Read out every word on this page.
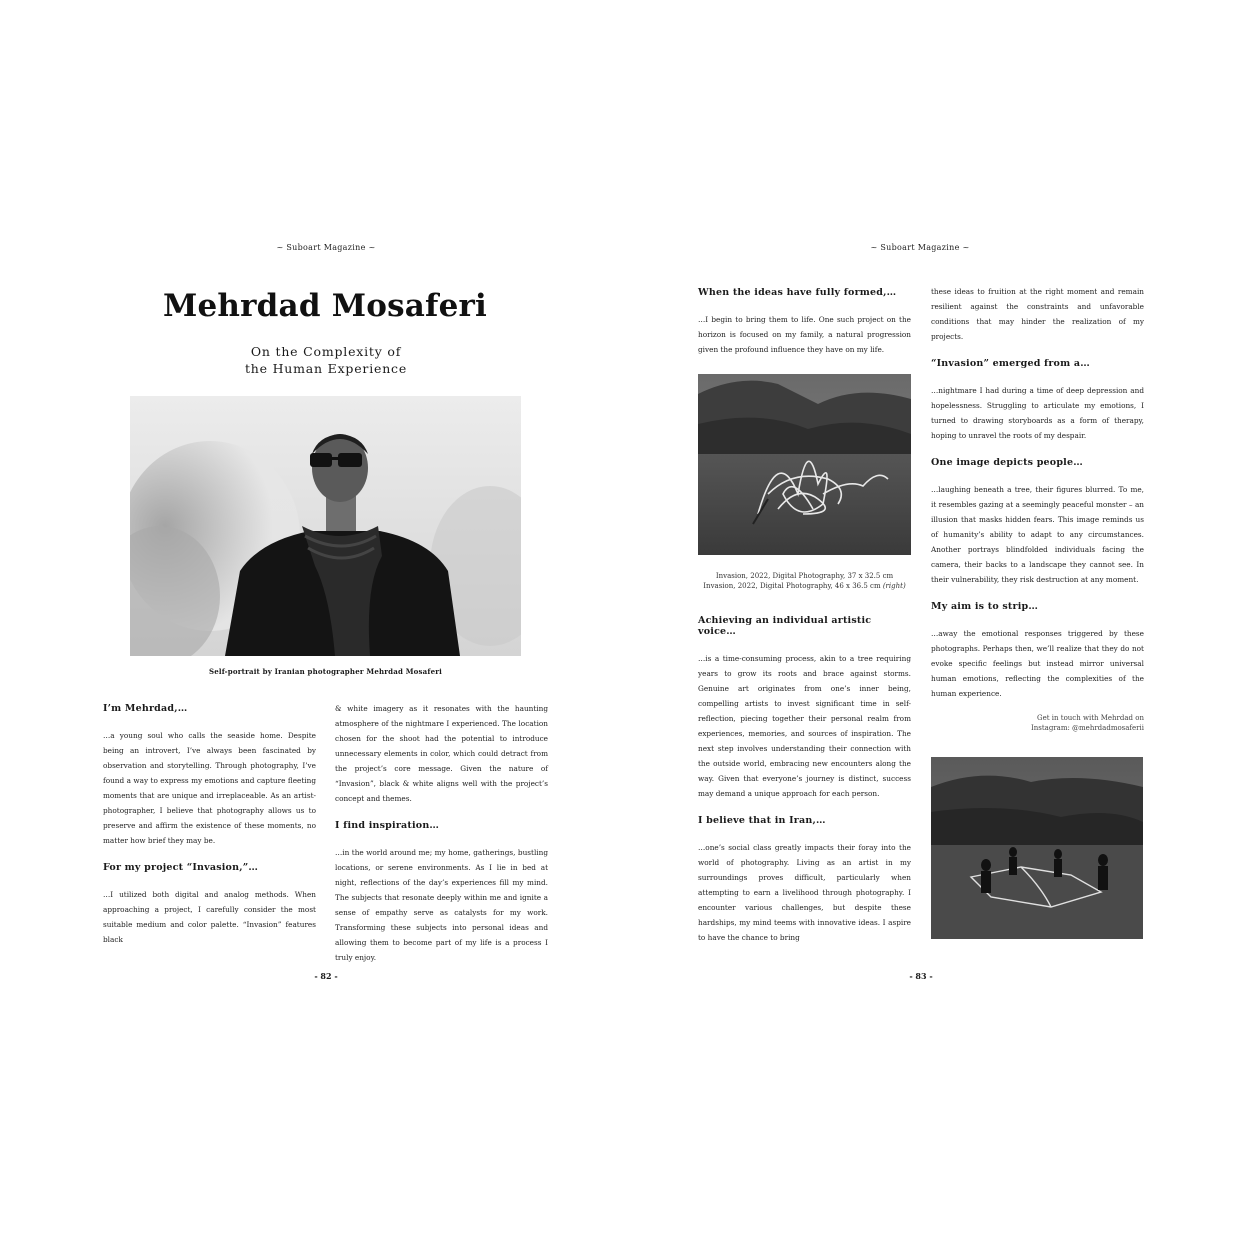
~ Suboart Magazine ~
Mehrdad Mosaferi
On the Complexity of
the Human Experience
Self-portrait by Iranian photographer Mehrdad Mosaferi
I’m Mehrdad,…
…a young soul who calls the seaside home. Despite being an introvert, I’ve always been fascinated by observation and storytelling. Through photography, I’ve found a way to express my emotions and capture fleeting moments that are unique and irreplaceable. As an artist-photographer, I believe that photography allows us to preserve and affirm the existence of these moments, no matter how brief they may be.
For my project “Invasion,”…
…I utilized both digital and analog methods. When approaching a project, I carefully consider the most suitable medium and color palette. “Invasion” features black
& white imagery as it resonates with the haunting atmosphere of the nightmare I experienced. The location chosen for the shoot had the potential to introduce unnecessary elements in color, which could detract from the project’s core message. Given the nature of “Invasion”, black & white aligns well with the project’s concept and themes.
I find inspiration…
…in the world around me; my home, gatherings, bustling locations, or serene environments. As I lie in bed at night, reflections of the day’s experiences fill my mind. The subjects that resonate deeply within me and ignite a sense of empathy serve as catalysts for my work. Transforming these subjects into personal ideas and allowing them to become part of my life is a process I truly enjoy.
- 82 -
~ Suboart Magazine ~
When the ideas have fully formed,…
…I begin to bring them to life. One such project on the horizon is focused on my family, a natural progression given the profound influence they have on my life.
Invasion, 2022, Digital Photography, 37 x 32.5 cm
Invasion, 2022, Digital Photography, 46 x 36.5 cm (right)
Achieving an individual artistic voice…
…is a time-consuming process, akin to a tree requiring years to grow its roots and brace against storms. Genuine art originates from one’s inner being, compelling artists to invest significant time in self-reflection, piecing together their personal realm from experiences, memories, and sources of inspiration. The next step involves understanding their connection with the outside world, embracing new encounters along the way. Given that everyone’s journey is distinct, success may demand a unique approach for each person.
I believe that in Iran,…
…one’s social class greatly impacts their foray into the world of photography. Living as an artist in my surroundings proves difficult, particularly when attempting to earn a livelihood through photography. I encounter various challenges, but despite these hardships, my mind teems with innovative ideas. I aspire to have the chance to bring
these ideas to fruition at the right moment and remain resilient against the constraints and unfavorable conditions that may hinder the realization of my projects.
“Invasion” emerged from a…
…nightmare I had during a time of deep depression and hopelessness. Struggling to articulate my emotions, I turned to drawing storyboards as a form of therapy, hoping to unravel the roots of my despair.
One image depicts people…
…laughing beneath a tree, their figures blurred. To me, it resembles gazing at a seemingly peaceful monster – an illusion that masks hidden fears. This image reminds us of humanity’s ability to adapt to any circumstances. Another portrays blindfolded individuals facing the camera, their backs to a landscape they cannot see. In their vulnerability, they risk destruction at any moment.
My aim is to strip…
…away the emotional responses triggered by these photographs. Perhaps then, we’ll realize that they do not evoke specific feelings but instead mirror universal human emotions, reflecting the complexities of the human experience.
Get in touch with Mehrdad on
Instagram: @mehrdadmosaferii
- 83 -
